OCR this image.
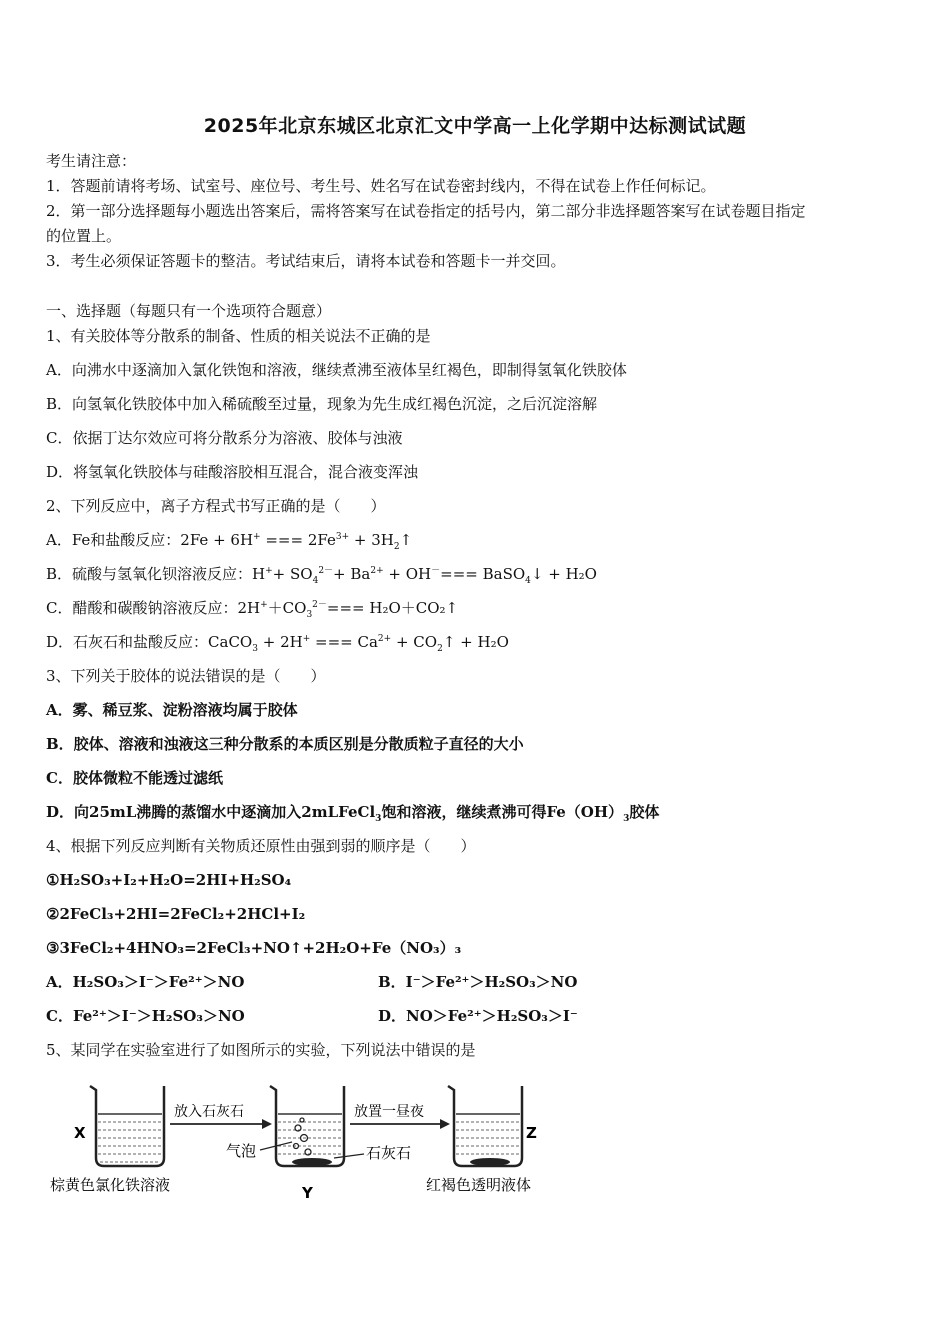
2025年北京东城区北京汇文中学高一上化学期中达标测试试题
考生请注意：
1．答题前请将考场、试室号、座位号、考生号、姓名写在试卷密封线内，不得在试卷上作任何标记。
2．第一部分选择题每小题选出答案后，需将答案写在试卷指定的括号内，第二部分非选择题答案写在试卷题目指定
的位置上。
3．考生必须保证答题卡的整洁。考试结束后，请将本试卷和答题卡一并交回。
一、选择题（每题只有一个选项符合题意）
1、有关胶体等分散系的制备、性质的相关说法不正确的是
A．向沸水中逐滴加入氯化铁饱和溶液，继续煮沸至液体呈红褐色，即制得氢氧化铁胶体
B．向氢氧化铁胶体中加入稀硫酸至过量，现象为先生成红褐色沉淀，之后沉淀溶解
C．依据丁达尔效应可将分散系分为溶液、胶体与浊液
D．将氢氧化铁胶体与硅酸溶胶相互混合，混合液变浑浊
2、下列反应中，离子方程式书写正确的是（　　）
A．Fe和盐酸反应：2Fe + 6H+ === $2Fe^{3+}$ + $3H_2↑$
B．硫酸与氢氧化钡溶液反应：$H^++ SO_4^{2-}+ Ba^{2+} + OH^-===$ BaSO$_4$↓ + H₂O
C．醋酸和碳酸钠溶液反应：$2H^++CO_3^{2-}===$ H₂O＋CO₂↑
D．石灰石和盐酸反应：CaCO$_3$ + 2H+ === $Ca^{2+}$ + $CO_2↑ + H_2O$
3、下列关于胶体的说法错误的是（　　）
A．雾、稀豆浆、淀粉溶液均属于胶体
B．胶体、溶液和浊液这三种分散系的本质区别是分散质粒子直径的大小
C．胶体微粒不能透过滤纸
D．向25mL沸腾的蒸馏水中逐滴加入2mLFeCl$_3$饱和溶液，继续煮沸可得$Fe(OH)_3$胶体
4、根据下列反应判断有关物质还原性由强到弱的顺序是（　　）
①H₂SO₃+I₂+H₂O=2HI+H₂SO₄
②2FeCl₃+2HI=2FeCl₂+2HCl+I₂
③3FeCl₂+4HNO₃=2FeCl₃+NO↑+2H₂O+Fe（NO₃）₃
A．H₂SO₃＞I⁻＞Fe²⁺＞NO	B．I⁻＞Fe²⁺＞H₂SO₃＞NO
C．Fe²⁺＞I⁻＞H₂SO₃＞NO	D．NO＞Fe²⁺＞H₂SO₃＞I⁻
5、某同学在实验室进行了如图所示的实验，下列说法中错误的是
X
放入石灰石
Y
气泡
放置一昼夜
石灰石
Z
棕黄色氯化铁溶液	红褐色透明液体
